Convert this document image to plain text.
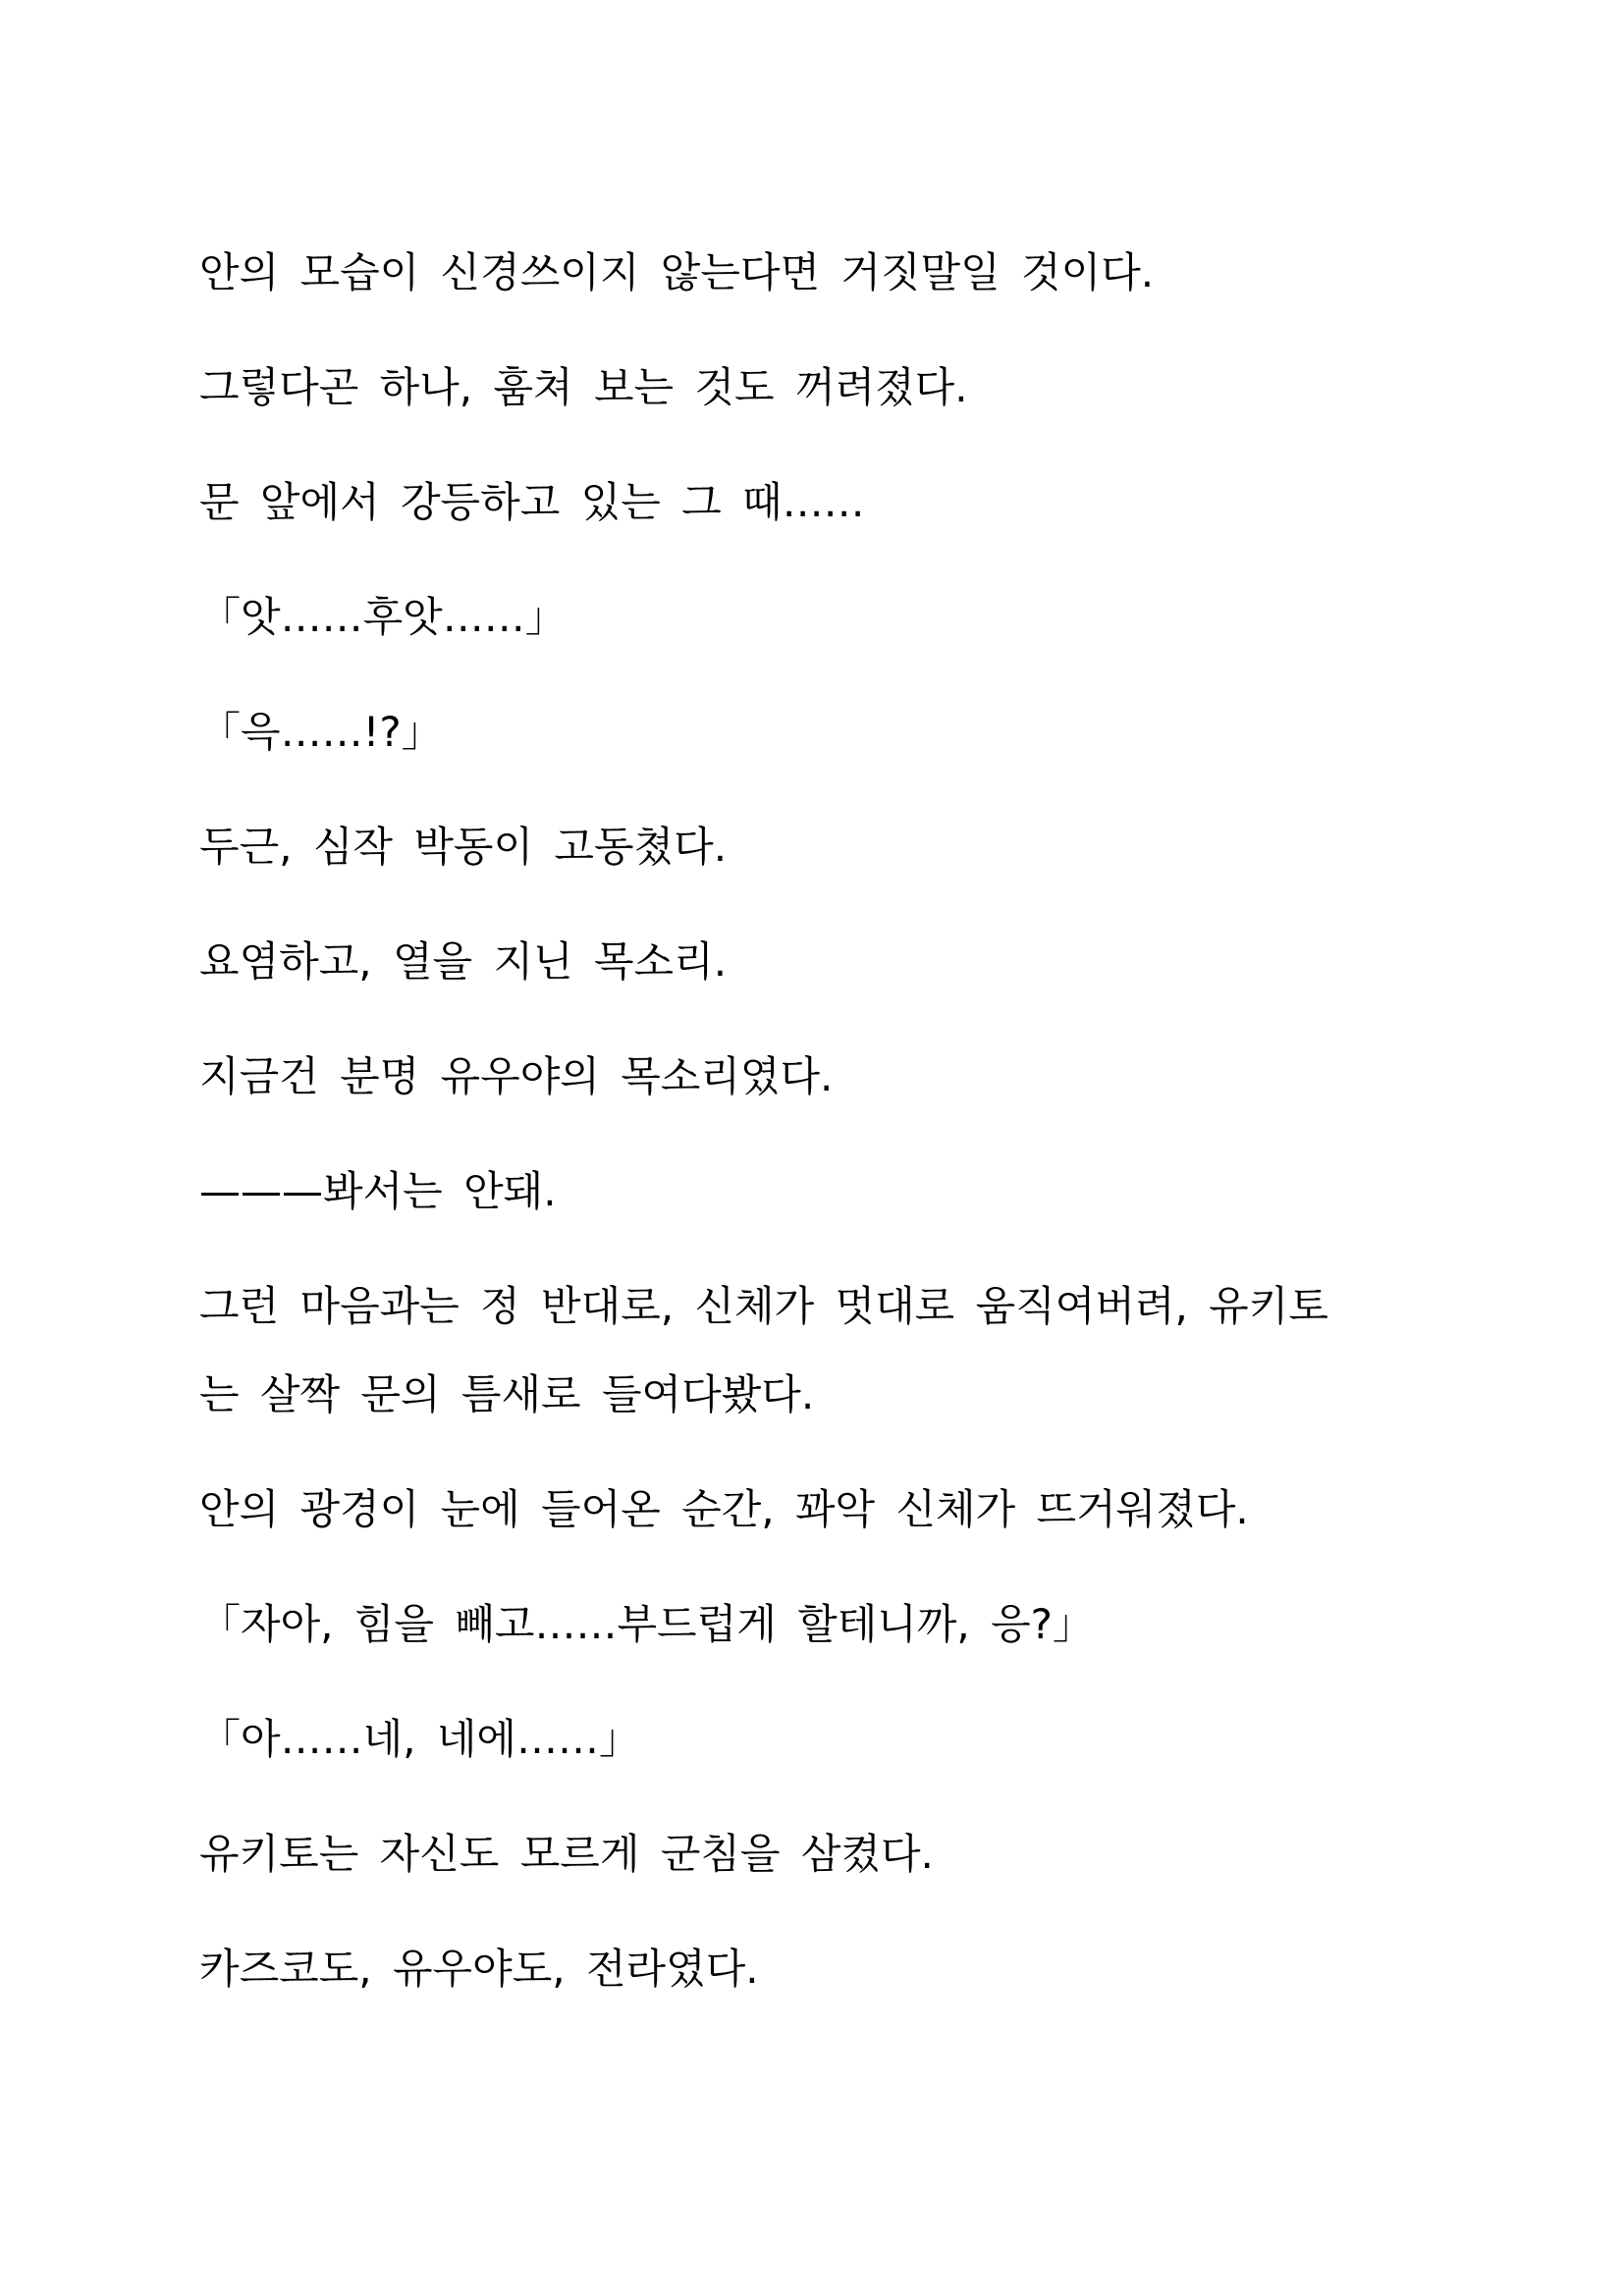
안의 모습이 신경쓰이지 않는다면 거짓말일 것이다.

그렇다곤 하나, 훔쳐 보는 것도 꺼려졌다.

문 앞에서 강등하고 있는 그 때……

「앗……후앗……」

「윽……!?」

두근, 심작 박동이 고동쳤다.

요염하고, 열을 지닌 목소리.

지금건 분명 유우야의 목소리였다.

———봐서는 안돼.

그런 마음과는 정 반대로, 신체가 멋대로 움직여버려, 유키토
는 살짝 문의 틈새로 들여다봤다.

안의 광경이 눈에 들어온 순간, 꽈악 신체가 뜨거워졌다.

「자아, 힘을 빼고……부드럽게 할테니까, 응?」

「아……네, 네에……」

유키토는 자신도 모르게 군침을 삼켰다.

카즈코도, 유우야도, 전라였다.
